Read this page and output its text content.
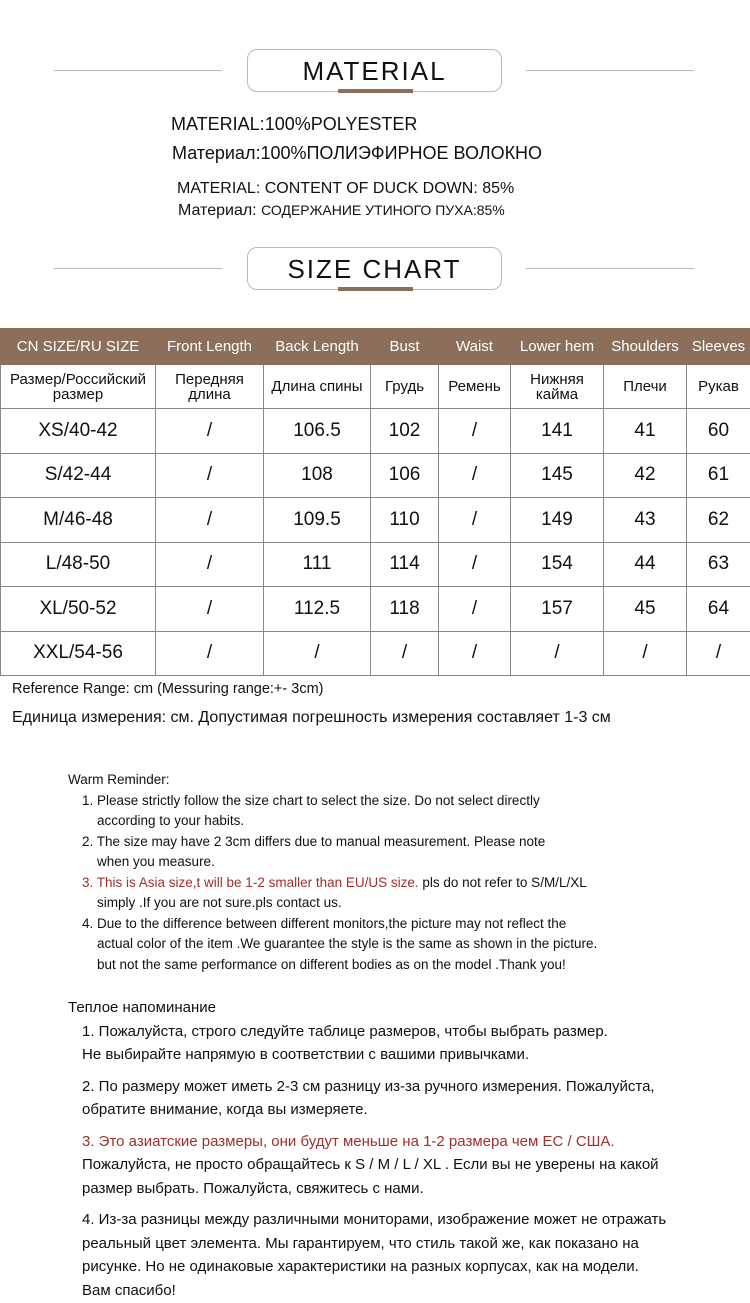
MATERIAL
MATERIAL:100%POLYESTER
Материал:100%ПОЛИЭФИРНОЕ ВОЛОКНО
MATERIAL: CONTENT OF DUCK DOWN: 85%
Материал: СОДЕРЖАНИЕ УТИНОГО ПУХА:85%
SIZE CHART
CN SIZE/RU SIZE	Front Length	Back Length	Bust	Waist	Lower hem	Shoulders	Sleeves
Размер/Российский размер	Передняя длина	Длина спины	Грудь	Ремень	Нижняя кайма	Плечи	Рукав
XS/40-42	/	106.5	102	/	141	41	60
S/42-44	/	108	106	/	145	42	61
M/46-48	/	109.5	110	/	149	43	62
L/48-50	/	111	114	/	154	44	63
XL/50-52	/	112.5	118	/	157	45	64
XXL/54-56	/	/	/	/	/	/	/
Reference Range: cm (Messuring range:+- 3cm)
Единица измерения: см. Допустимая погрешность измерения составляет 1-3 см

Warm Reminder:

1. Please strictly follow the size chart to select the size. Do not select directly

according to your habits.

2. The size may have 2 3cm differs due to manual measurement. Please note

when you measure.

3. This is Asia size,t will be 1-2 smaller than EU/US size. pls do not refer to S/M/L/XL

simply .If you are not sure.pls contact us.

4. Due to the difference between different monitors,the picture may not reflect the

actual color of the item .We guarantee the style is the same as shown in the picture.

but not the same performance on different bodies as on the model .Thank you!

Теплое напоминание

1. Пожалуйста, строго следуйте таблице размеров, чтобы выбрать размер.

Не выбирайте напрямую в соответствии с вашими привычками.

2. По размеру может иметь 2-3 см разницу из-за ручного измерения. Пожалуйста,

обратите внимание, когда вы измеряете.

3. Это азиатские размеры, они будут меньше на 1-2 размера чем ЕС / США.

Пожалуйста, не просто обращайтесь к S / M / L / XL . Если вы не уверены на какой

размер выбрать. Пожалуйста, свяжитесь с нами.

4. Из-за разницы между различными мониторами, изображение может не отражать

реальный цвет элемента. Мы гарантируем, что стиль такой же, как показано на

рисунке. Но не одинаковые характеристики на разных корпусах, как на модели.

Вам спасибо!
